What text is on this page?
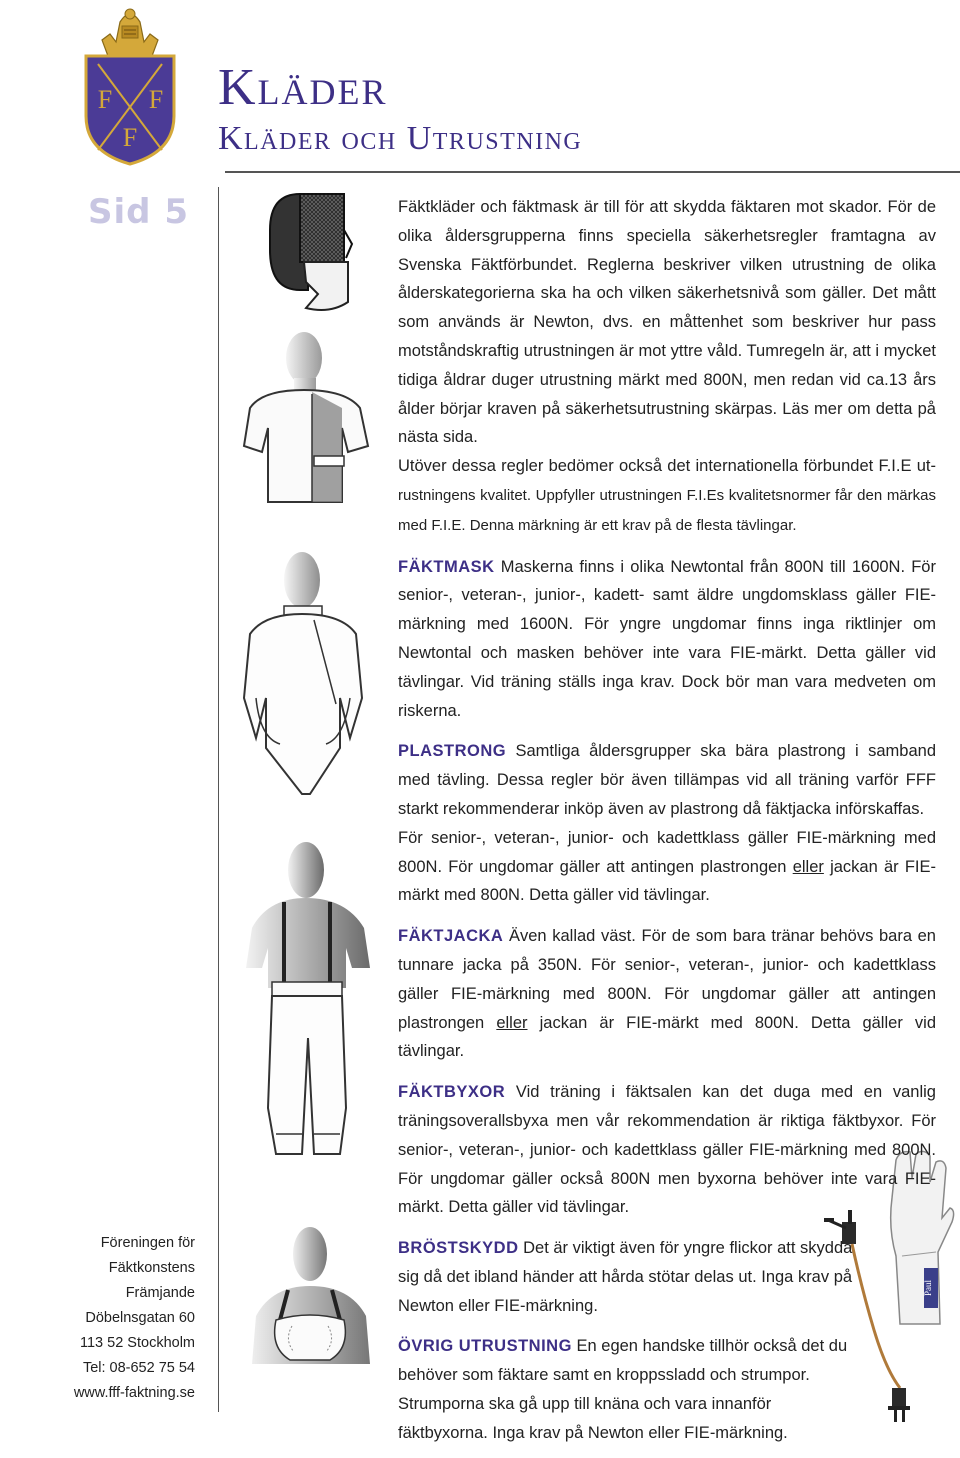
F F
F
Kläder
Kläder och Utrustning
Sid 5
Föreningen för
Fäktkonstens
Främjande
Döbelnsgatan 60
113 52 Stockholm
Tel: 08-652 75 54
www.fff-faktning.se
Paul

Fäktkläder och fäktmask är till för att skydda fäktaren mot skador. För de olika åldersgrupperna finns speciella säkerhetsregler framtagna av Svenska Fäktförbundet. Reglerna beskriver vilken utrustning de olika ålderskategorierna ska ha och vilken säkerhetsnivå som gäller. Det mått som används är Newton, dvs. en måttenhet som beskriver hur pass motståndskraftig utrustningen är mot yttre våld. Tumregeln är, att i mycket tidiga åldrar duger utrustning märkt med 800N, men redan vid ca.13 års ålder börjar kraven på säkerhetsutrustning skärpas. Läs mer om detta på nästa sida.

Utöver dessa regler bedömer också det internationella förbundet F.I.E ut- rustningens kvalitet. Uppfyller utrustningen F.I.Es kvalitetsnormer får den märkas med F.I.E. Denna märkning är ett krav på de flesta tävlingar.

FÄKTMASK Maskerna finns i olika Newtontal från 800N till 1600N. För senior-, veteran-, junior-, kadett- samt äldre ungdomsklass gäller FIE-märkning med 1600N. För yngre ungdomar finns inga riktlinjer om Newtontal och masken behöver inte vara FIE-märkt. Detta gäller vid tävlingar. Vid träning ställs inga krav. Dock bör man vara medveten om riskerna.

PLASTRONG Samtliga åldersgrupper ska bära plastrong i samband med tävling. Dessa regler bör även tillämpas vid all träning varför FFF starkt rekommenderar inköp även av plastrong då fäktjacka införskaffas.

För senior-, veteran-, junior- och kadettklass gäller FIE-märkning med 800N. För ungdomar gäller att antingen plastrongen eller jackan är FIE-märkt med 800N. Detta gäller vid tävlingar.

FÄKTJACKA Även kallad väst. För de som bara tränar behövs bara en tunnare jacka på 350N. För senior-, veteran-, junior- och kadettklass gäller FIE-märkning med 800N. För ungdomar gäller att antingen plastrongen eller jackan är FIE-märkt med 800N. Detta gäller vid tävlingar.

FÄKTBYXOR Vid träning i fäktsalen kan det duga med en vanlig träningsoverallsbyxa men vår rekommendation är riktiga fäktbyxor. För senior-, veteran-, junior- och kadettklass gäller FIE-märkning med 800N. För ungdomar gäller också 800N men byxorna behöver inte vara FIE-märkt. Detta gäller vid tävlingar.

BRÖSTSKYDD Det är viktigt även för yngre flickor att skydda sig då det ibland händer att hårda stötar delas ut. Inga krav på Newton eller FIE-märkning.

ÖVRIG UTRUSTNING En egen handske tillhör också det du behöver som fäktare samt en kroppssladd och strumpor. Strumporna ska gå upp till knäna och vara innanför fäktbyxorna. Inga krav på Newton eller FIE-märkning.
